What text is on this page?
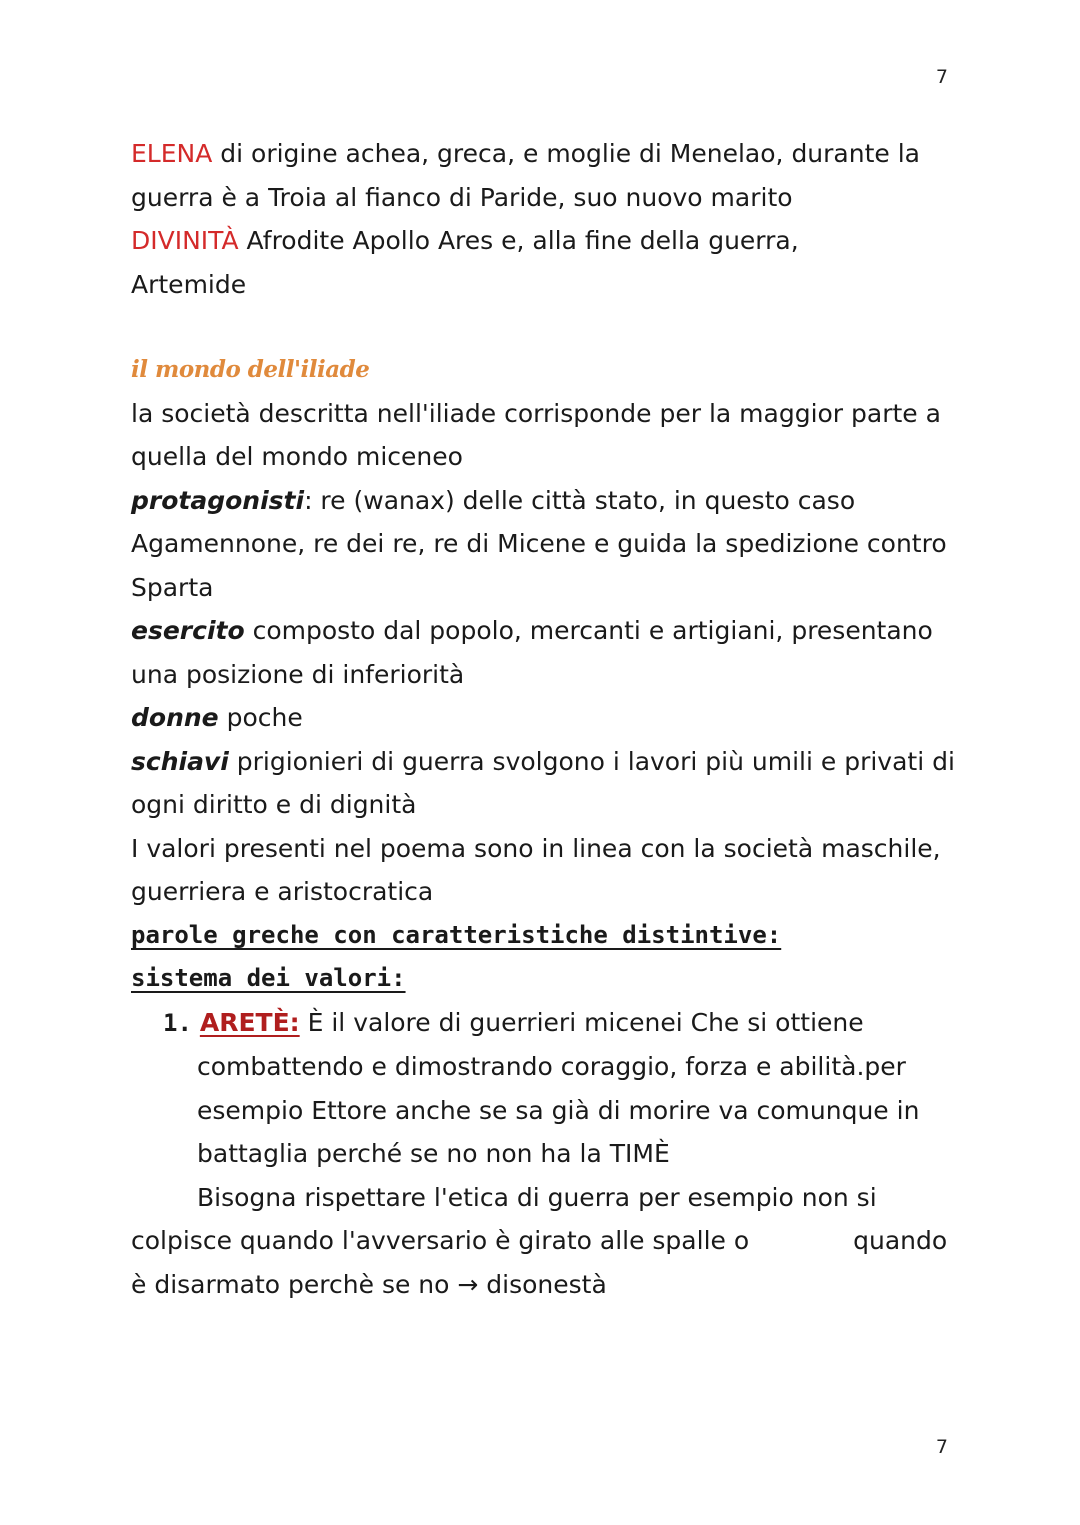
7
ELENA di origine achea, greca, e moglie di Menelao, durante la
guerra è a Troia al fianco di Paride, suo nuovo marito
DIVINITÀ Afrodite Apollo Ares e, alla fine della guerra,
Artemide
il mondo dell'iliade
la società descritta nell'iliade corrisponde per la maggior parte a
quella del mondo miceneo
protagonisti: re (wanax) delle città stato, in questo caso
Agamennone, re dei re, re di Micene e guida la spedizione contro
Sparta
esercito composto dal popolo, mercanti e artigiani, presentano
una posizione di inferiorità
donne poche
schiavi prigionieri di guerra svolgono i lavori più umili e privati di
ogni diritto e di dignità
I valori presenti nel poema sono in linea con la società maschile,
guerriera e aristocratica
parole greche con caratteristiche distintive:
sistema dei valori:
1. ARETÈ: È il valore di guerrieri micenei Che si ottiene
combattendo e dimostrando coraggio, forza e abilità.per
esempio Ettore anche se sa già di morire va comunque in
battaglia perché se no non ha la TIMÈ
Bisogna rispettare l'etica di guerra per esempio non si
colpisce quando l'avversario è girato alle spalle o	quando
è disarmato perchè se no → disonestà
7
